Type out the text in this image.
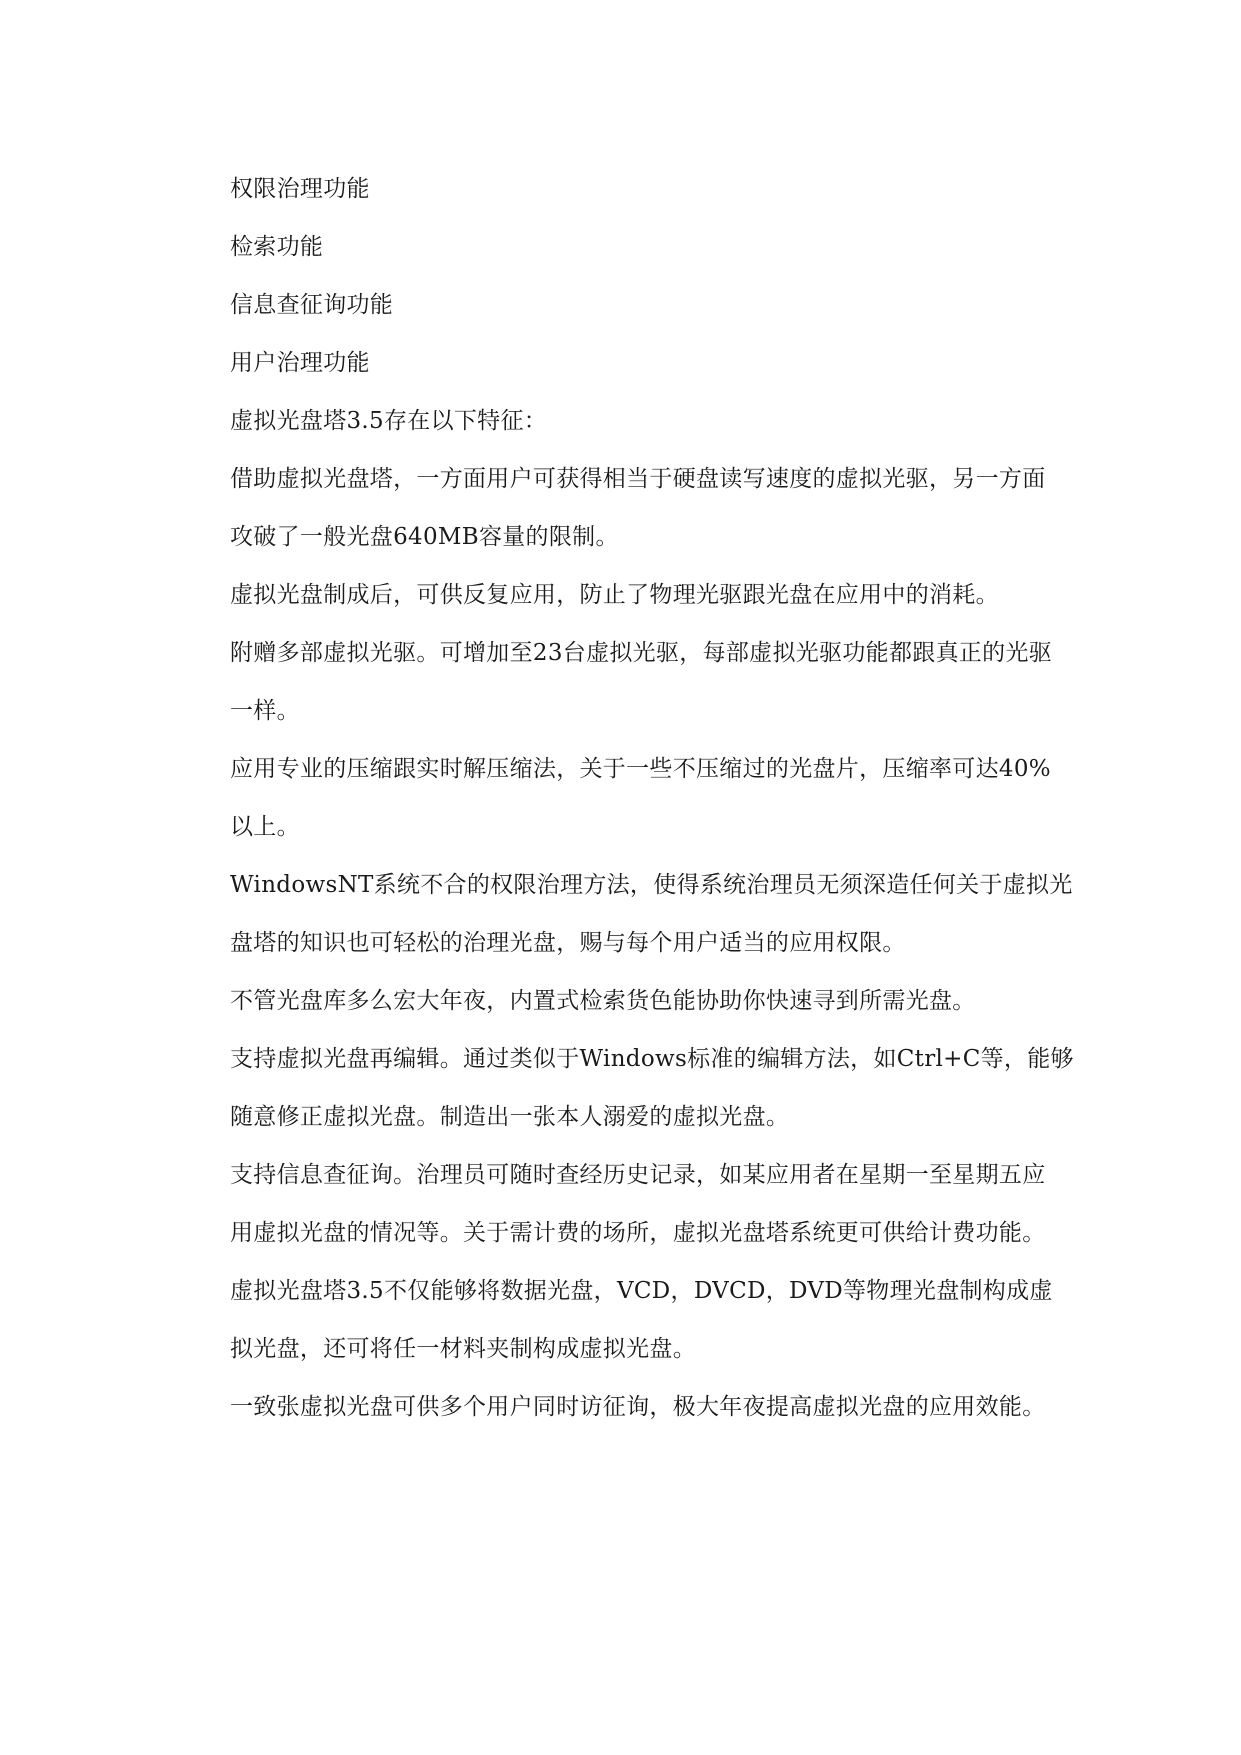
权限治理功能
检索功能
信息查征询功能
用户治理功能
虚拟光盘塔3.5存在以下特征：
借助虚拟光盘塔，一方面用户可获得相当于硬盘读写速度的虚拟光驱，另一方面
攻破了一般光盘640MB容量的限制。
虚拟光盘制成后，可供反复应用，防止了物理光驱跟光盘在应用中的消耗。
附赠多部虚拟光驱。可增加至23台虚拟光驱，每部虚拟光驱功能都跟真正的光驱
一样。
应用专业的压缩跟实时解压缩法，关于一些不压缩过的光盘片，压缩率可达40%
以上。
WindowsNT系统不合的权限治理方法，使得系统治理员无须深造任何关于虚拟光
盘塔的知识也可轻松的治理光盘，赐与每个用户适当的应用权限。
不管光盘库多么宏大年夜，内置式检索货色能协助你快速寻到所需光盘。
支持虚拟光盘再编辑。通过类似于Windows标准的编辑方法，如Ctrl+C等，能够
随意修正虚拟光盘。制造出一张本人溺爱的虚拟光盘。
支持信息查征询。治理员可随时查经历史记录，如某应用者在星期一至星期五应
用虚拟光盘的情况等。关于需计费的场所，虚拟光盘塔系统更可供给计费功能。
虚拟光盘塔3.5不仅能够将数据光盘，VCD，DVCD，DVD等物理光盘制构成虚
拟光盘，还可将任一材料夹制构成虚拟光盘。
一致张虚拟光盘可供多个用户同时访征询，极大年夜提高虚拟光盘的应用效能。
